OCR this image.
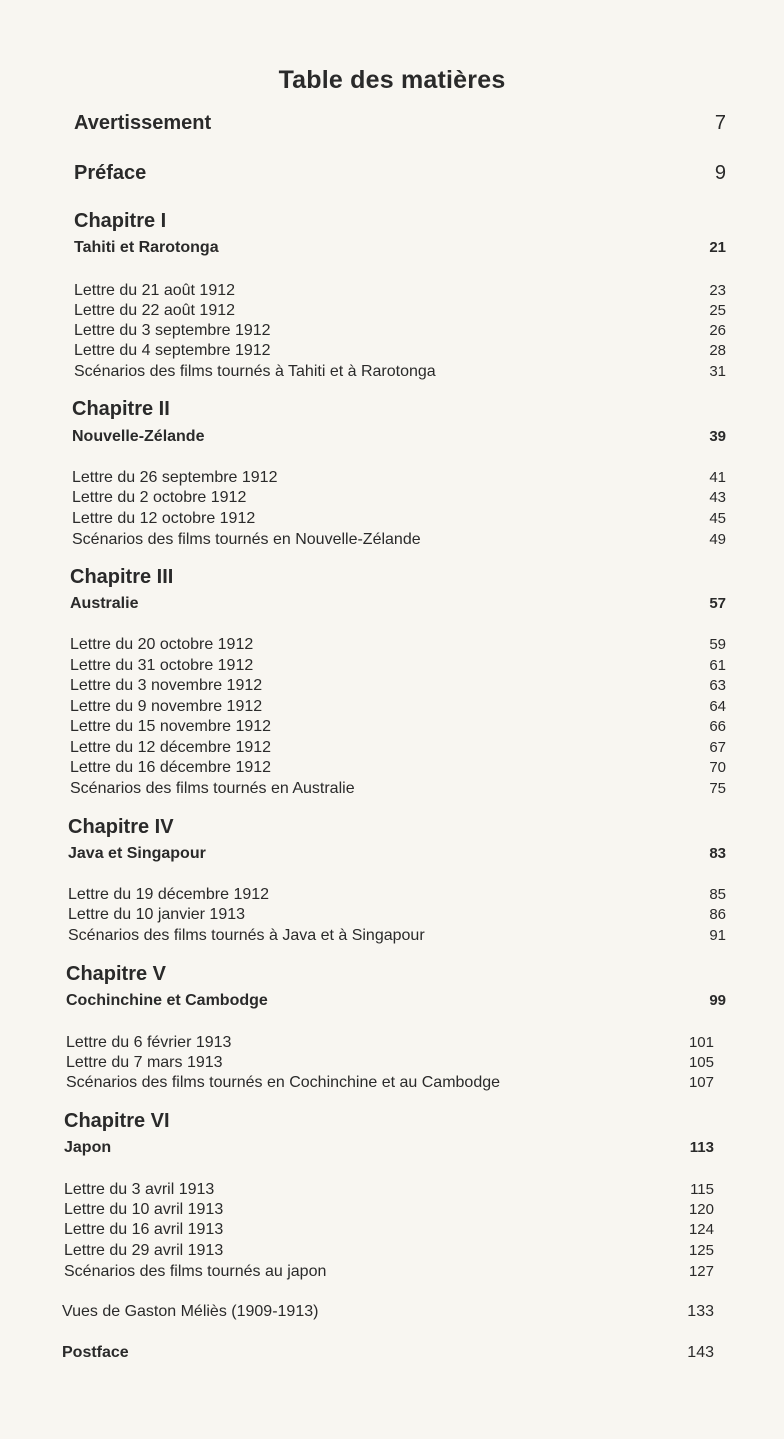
Table des matières
Avertissement	7
Préface	9
Chapitre I
Tahiti et Rarotonga	21
Lettre du 21 août 1912	23
Lettre du 22 août 1912	25
Lettre du 3 septembre 1912	26
Lettre du 4 septembre 1912	28
Scénarios des films tournés à Tahiti et à Rarotonga	31
Chapitre II
Nouvelle-Zélande	39
Lettre du 26 septembre 1912	41
Lettre du 2 octobre 1912	43
Lettre du 12 octobre 1912	45
Scénarios des films tournés en Nouvelle-Zélande	49
Chapitre III
Australie	57
Lettre du 20 octobre 1912	59
Lettre du 31 octobre 1912	61
Lettre du 3 novembre 1912	63
Lettre du 9 novembre 1912	64
Lettre du 15 novembre 1912	66
Lettre du 12 décembre 1912	67
Lettre du 16 décembre 1912	70
Scénarios des films tournés en Australie	75
Chapitre IV
Java et Singapour	83
Lettre du 19 décembre 1912	85
Lettre du 10 janvier 1913	86
Scénarios des films tournés à Java et à Singapour	91
Chapitre V
Cochinchine et Cambodge	99
Lettre du 6 février 1913	101
Lettre du 7 mars 1913	105
Scénarios des films tournés en Cochinchine et au Cambodge	107
Chapitre VI
Japon	113
Lettre du 3 avril 1913	115
Lettre du 10 avril 1913	120
Lettre du 16 avril 1913	124
Lettre du 29 avril 1913	125
Scénarios des films tournés au japon	127
Vues de Gaston Méliès (1909-1913)	133
Postface	143
